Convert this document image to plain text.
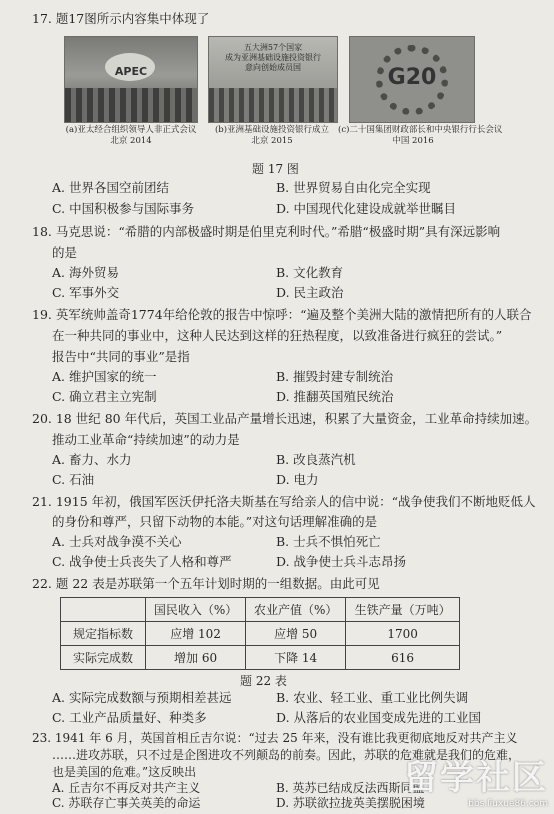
17. 题17图所示内容集中体现了
APEC
五大洲57个国家
成为亚洲基础设施投资银行
意向创始成员国	G20
(a)亚太经合组织领导人非正式会议
北京 2014
(b)亚洲基础设施投资银行成立
北京 2015
(c)二十国集团财政部长和中央银行行长会议
中国 2016
题 17 图
A. 世界各国空前团结	B. 世界贸易自由化完全实现
C. 中国积极参与国际事务	D. 中国现代化建设成就举世瞩目
18. 马克思说：“希腊的内部极盛时期是伯里克利时代。”希腊“极盛时期”具有深远影响
的是
A. 海外贸易	B. 文化教育
C. 军事外交	D. 民主政治
19. 英军统帅盖奇1774年给伦敦的报告中惊呼：“遍及整个美洲大陆的激情把所有的人联合
在一种共同的事业中，这种人民达到这样的狂热程度，以致准备进行疯狂的尝试。”
报告中“共同的事业”是指
A. 维护国家的统一	B. 摧毁封建专制统治
C. 确立君主立宪制	D. 推翻英国殖民统治
20. 18 世纪 80 年代后，英国工业品产量增长迅速，积累了大量资金，工业革命持续加速。
推动工业革命“持续加速”的动力是
A. 畜力、水力	B. 改良蒸汽机
C. 石油	D. 电力
21. 1915 年初，俄国军医沃伊托洛夫斯基在写给亲人的信中说：“战争使我们不断地贬低人
的身份和尊严，只留下动物的本能。”对这句话理解准确的是
A. 士兵对战争漠不关心	B. 士兵不惧怕死亡
C. 战争使士兵丧失了人格和尊严	D. 战争使士兵斗志昂扬
22. 题 22 表是苏联第一个五年计划时期的一组数据。由此可见
	国民收入（%）	农业产值（%）	生铁产量（万吨）
规定指标数	应增 102	应增 50	1700
实际完成数	增加 60	下降 14	616
题 22 表
A. 实际完成数额与预期相差甚远	B. 农业、轻工业、重工业比例失调
C. 工业产品质量好、种类多	D. 从落后的农业国变成先进的工业国
23. 1941 年 6 月，英国首相丘吉尔说：“过去 25 年来，没有谁比我更彻底地反对共产主义
……进攻苏联，只不过是企图进攻不列颠岛的前奏。因此，苏联的危难就是我们的危难，
也是美国的危难。”这反映出
A. 丘吉尔不再反对共产主义	B. 英苏已结成反法西斯同盟
C. 苏联存亡事关英美的命运	D. 苏联欲拉拢英美摆脱困境
留学社区
bbs.liuxue86.com
